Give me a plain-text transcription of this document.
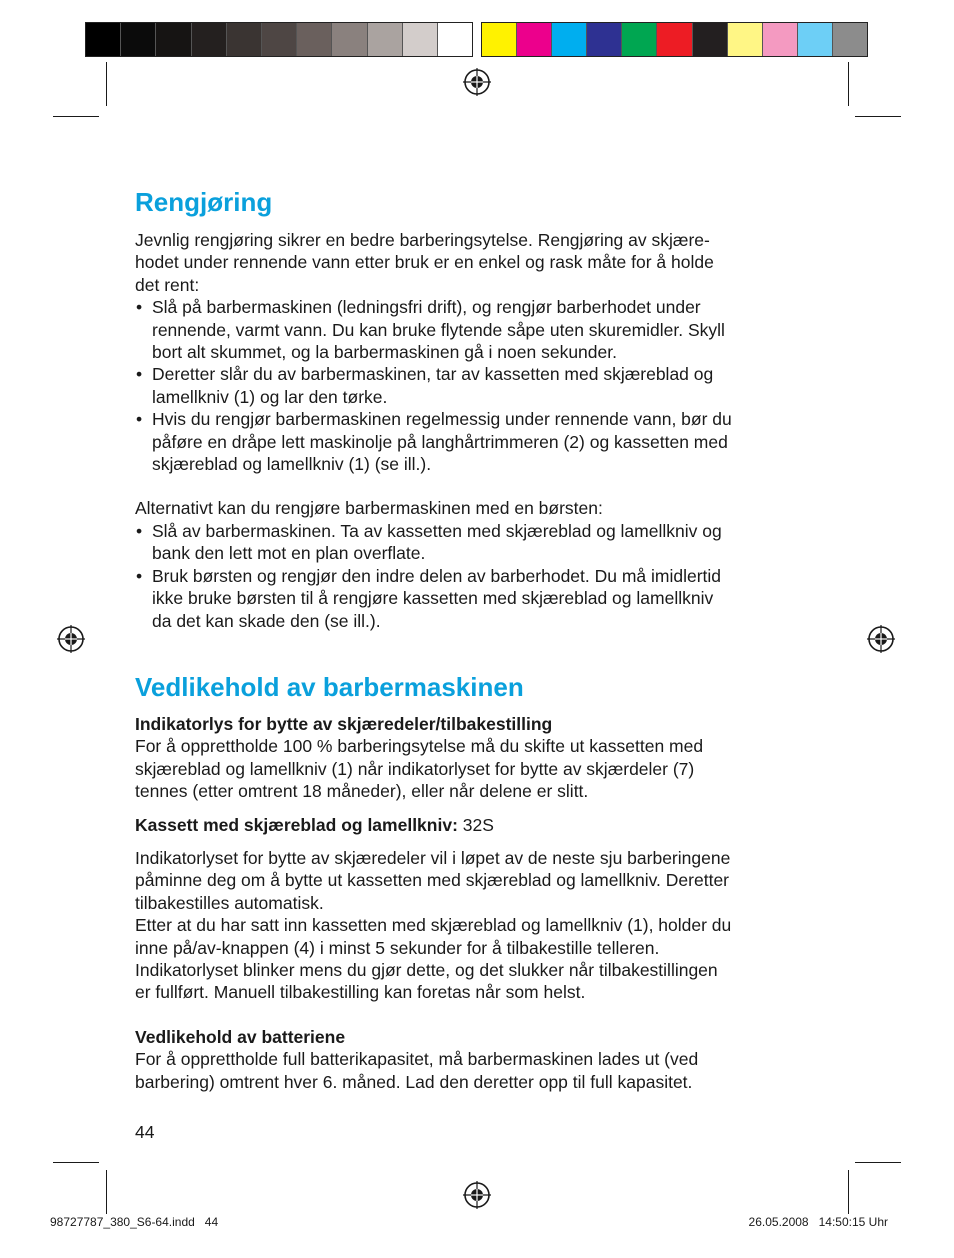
Rengjøring

Jevnlig rengjøring sikrer en bedre barberingsytelse. Rengjøring av skjære-
hodet under rennende vann etter bruk er en enkel og rask måte for å holde
det rent:

• Slå på barbermaskinen (ledningsfri drift), og rengjør barberhodet under
rennende, varmt vann. Du kan bruke flytende såpe uten skuremidler. Skyll
bort alt skummet, og la barbermaskinen gå i noen sekunder.
• Deretter slår du av barbermaskinen, tar av kassetten med skjæreblad og
lamellkniv (1) og lar den tørke.
• Hvis du rengjør barbermaskinen regelmessig under rennende vann, bør du
påføre en dråpe lett maskinolje på langhårtrimmeren (2) og kassetten med
skjæreblad og lamellkniv (1) (se ill.).

Alternativt kan du rengjøre barbermaskinen med en børsten:

• Slå av barbermaskinen. Ta av kassetten med skjæreblad og lamellkniv og
bank den lett mot en plan overflate.
• Bruk børsten og rengjør den indre delen av barberhodet. Du må imidlertid
ikke bruke børsten til å rengjøre kassetten med skjæreblad og lamellkniv
da det kan skade den (se ill.).
Vedlikehold av barbermaskinen

Indikatorlys for bytte av skjæredeler/tilbakestilling

For å opprettholde 100 % barberingsytelse må du skifte ut kassetten med
skjæreblad og lamellkniv (1) når indikatorlyset for bytte av skjærdeler (7)
tennes (etter omtrent 18 måneder), eller når delene er slitt.

Kassett med skjæreblad og lamellkniv: 32S

Indikatorlyset for bytte av skjæredeler vil i løpet av de neste sju barberingene
påminne deg om å bytte ut kassetten med skjæreblad og lamellkniv. Deretter
tilbakestilles automatisk.
Etter at du har satt inn kassetten med skjæreblad og lamellkniv (1), holder du
inne på/av-knappen (4) i minst 5 sekunder for å tilbakestille telleren.
Indikatorlyset blinker mens du gjør dette, og det slukker når tilbakestillingen
er fullført. Manuell tilbakestilling kan foretas når som helst.

Vedlikehold av batteriene

For å opprettholde full batterikapasitet, må barbermaskinen lades ut (ved
barbering) omtrent hver 6. måned. Lad den deretter opp til full kapasitet.

44
98727787_380_S6-64.indd   44	26.05.2008   14:50:15 Uhr
